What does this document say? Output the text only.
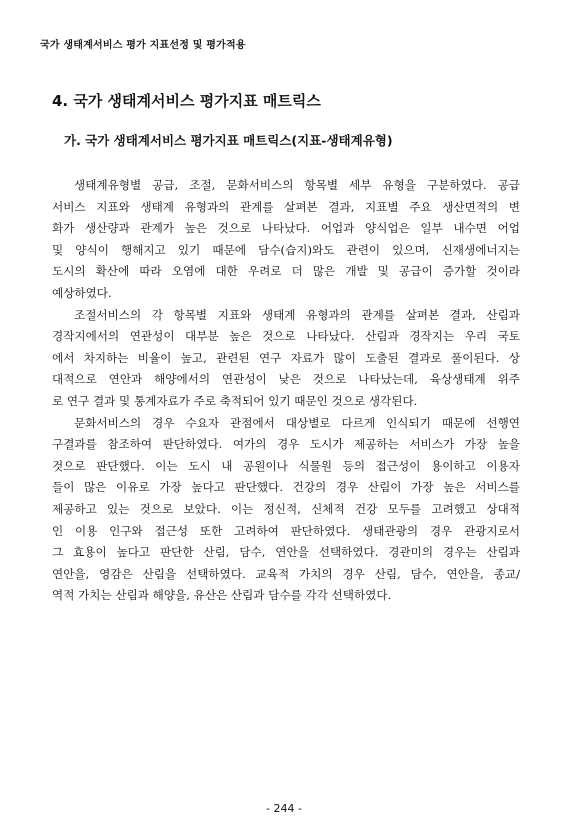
국가 생태계서비스 평가 지표선정 및 평가적용
4. 국가 생태계서비스 평가지표 매트릭스
가. 국가 생태계서비스 평가지표 매트릭스(지표-생태계유형)
생태계유형별 공급, 조절, 문화서비스의 항목별 세부 유형을 구분하였다. 공급
서비스 지표와 생태계 유형과의 관계를 살펴본 결과, 지표별 주요 생산면적의 변
화가 생산량과 관계가 높은 것으로 나타났다. 어업과 양식업은 일부 내수면 어업
및 양식이 행해지고 있기 때문에 담수(습지)와도 관련이 있으며, 신재생에너지는
도시의 확산에 따라 오염에 대한 우려로 더 많은 개발 및 공급이 증가할 것이라
예상하였다.
조절서비스의 각 항목별 지표와 생태계 유형과의 관계를 살펴본 결과, 산림과
경작지에서의 연관성이 대부분 높은 것으로 나타났다. 산림과 경작지는 우리 국토
에서 차지하는 비율이 높고, 관련된 연구 자료가 많이 도출된 결과로 풀이된다. 상
대적으로 연안과 해양에서의 연관성이 낮은 것으로 나타났는데, 육상생태계 위주
로 연구 결과 및 통계자료가 주로 축적되어 있기 때문인 것으로 생각된다.
문화서비스의 경우 수요자 관점에서 대상별로 다르게 인식되기 때문에 선행연
구결과를 참조하여 판단하였다. 여가의 경우 도시가 제공하는 서비스가 가장 높을
것으로 판단했다. 이는 도시 내 공원이나 식물원 등의 접근성이 용이하고 이용자
들이 많은 이유로 가장 높다고 판단했다. 건강의 경우 산림이 가장 높은 서비스를
제공하고 있는 것으로 보았다. 이는 정신적, 신체적 건강 모두를 고려했고 상대적
인 이용 인구와 접근성 또한 고려하여 판단하였다. 생태관광의 경우 관광지로서
그 효용이 높다고 판단한 산림, 담수, 연안을 선택하였다. 경관미의 경우는 산림과
연안을, 영감은 산림을 선택하였다. 교육적 가치의 경우 산림, 담수, 연안을, 종교/
역적 가치는 산림과 해양을, 유산은 산림과 담수를 각각 선택하였다.
- 244 -
